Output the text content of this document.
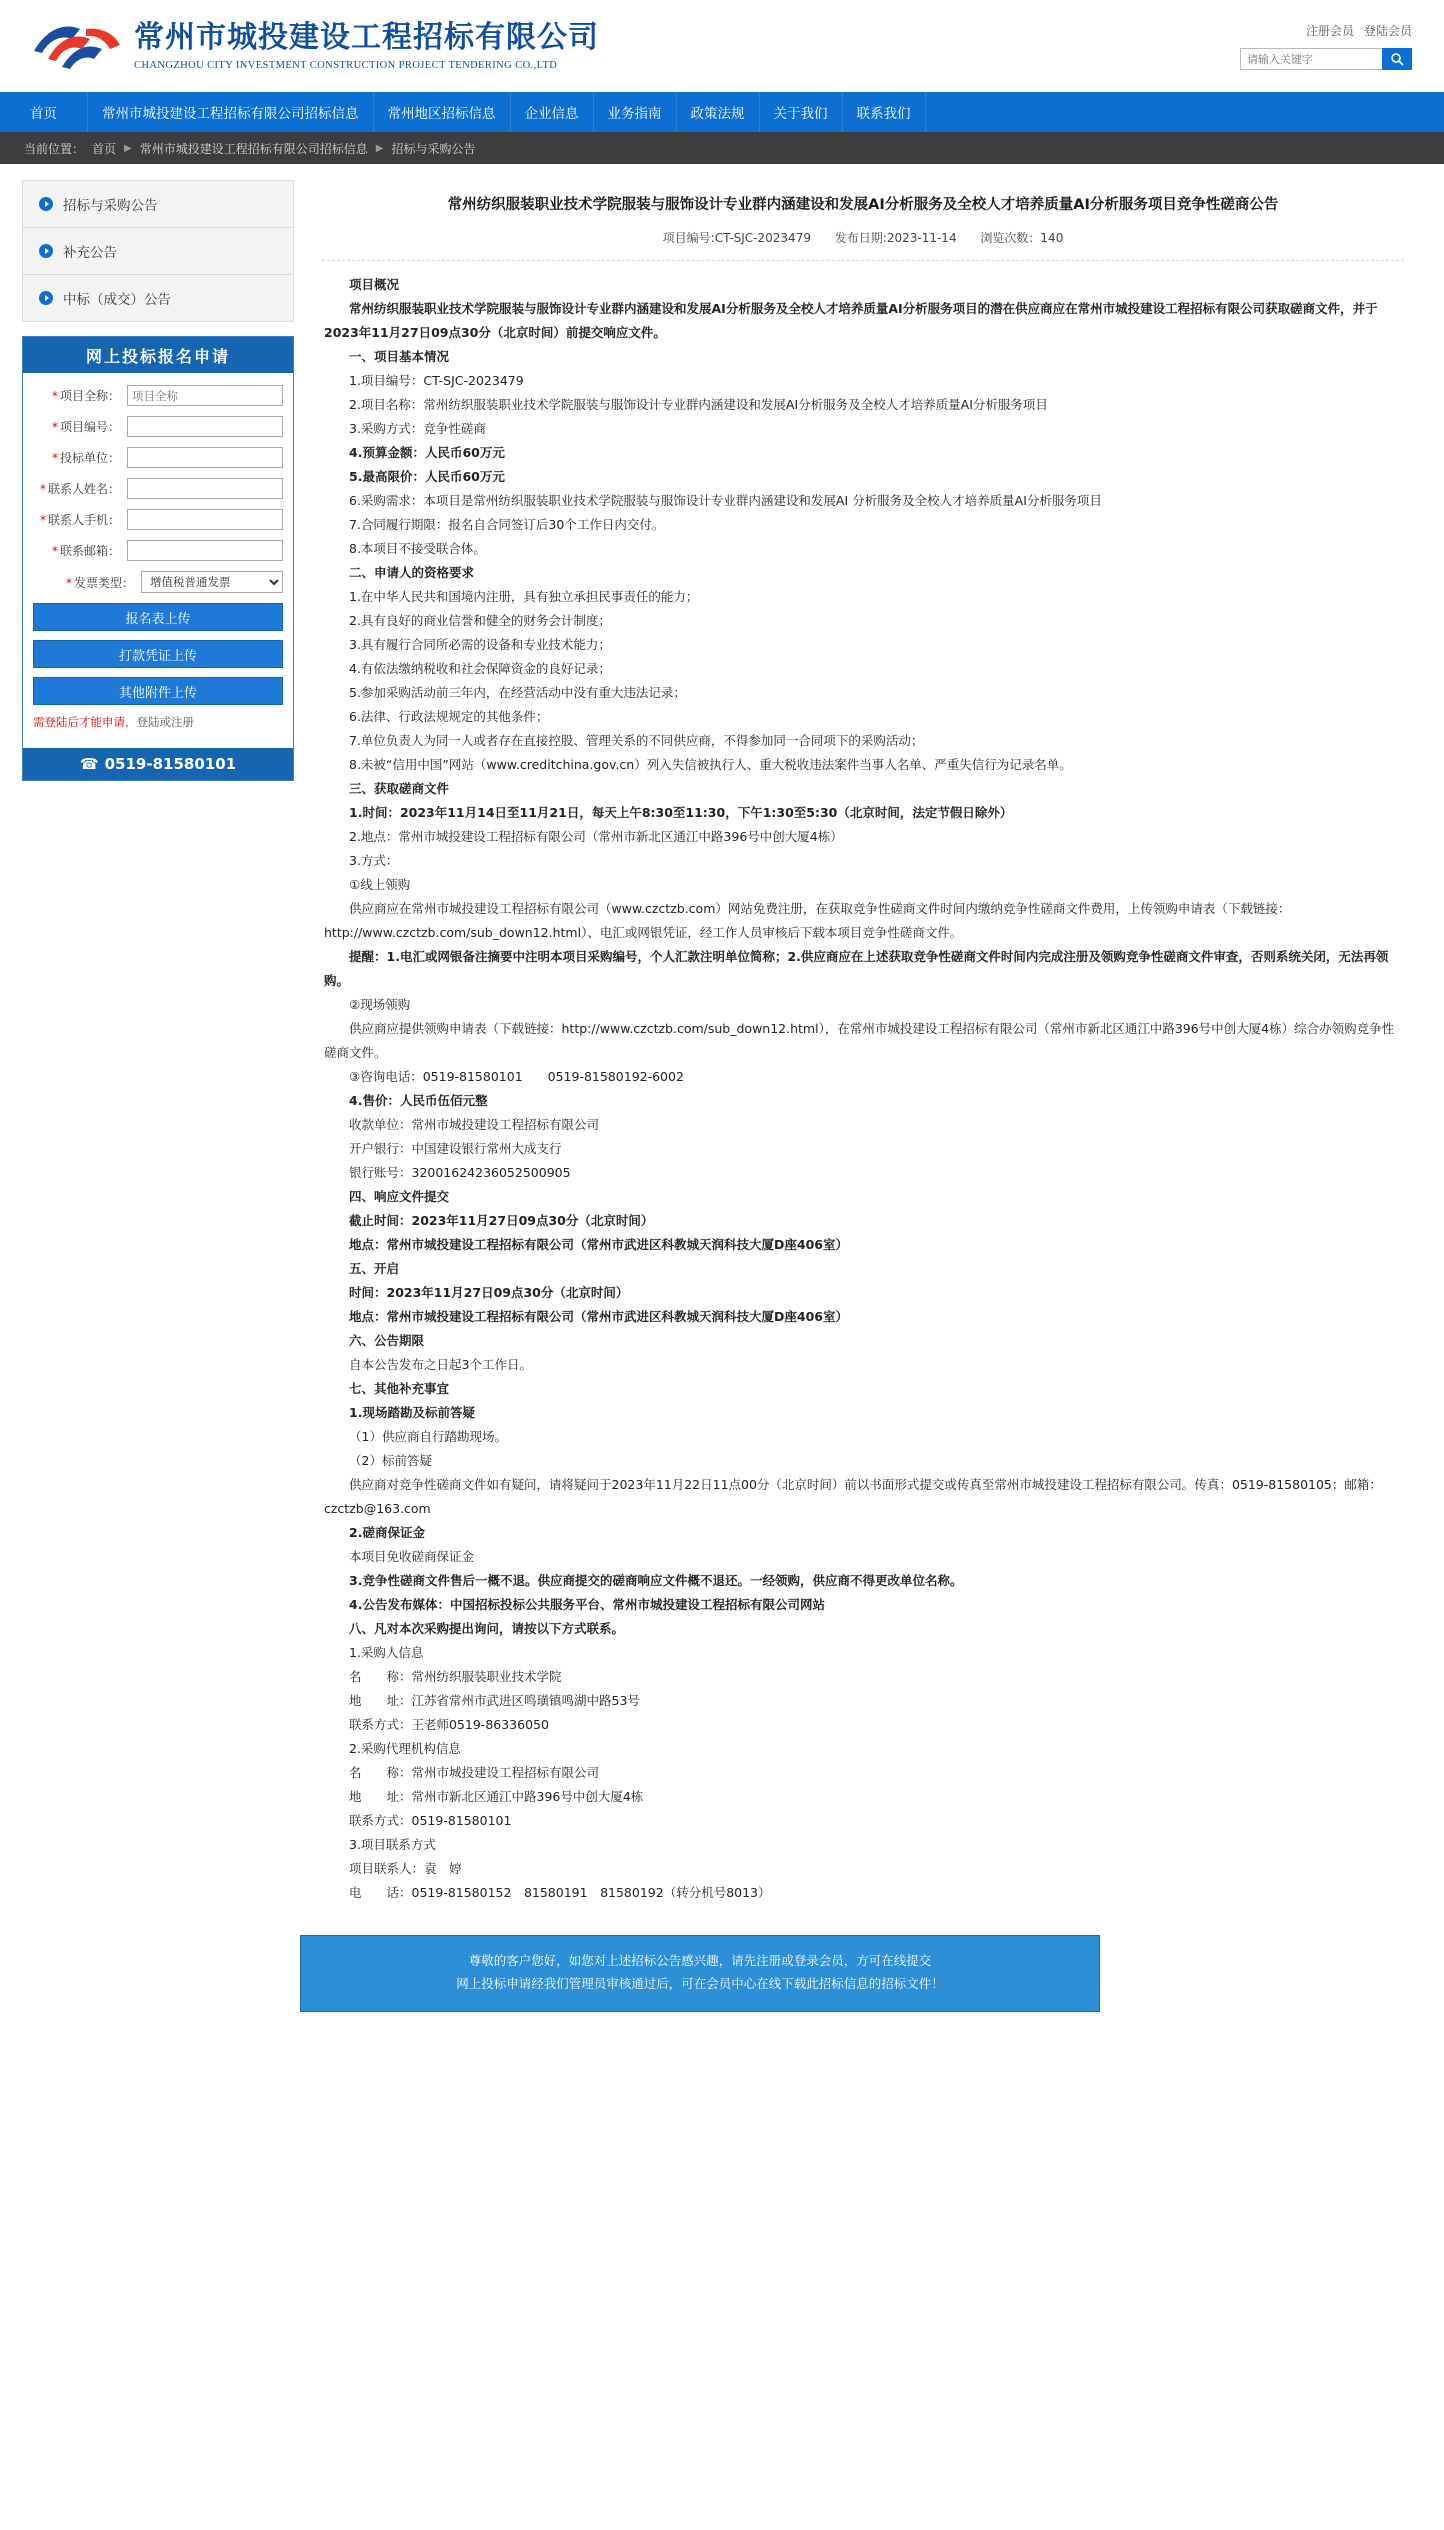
常州市城投建设工程招标有限公司
CHANGZHOU CITY INVESTMENT CONSTRUCTION PROJECT TENDERING CO.,LTD
注册会员 登陆会员
请输入关键字
首页	常州市城投建设工程招标有限公司招标信息	常州地区招标信息	企业信息	业务指南	政策法规	关于我们	联系我们
当前位置： 首页 ▶ 常州市城投建设工程招标有限公司招标信息 ▶ 招标与采购公告
招标与采购公告
补充公告
中标（成交）公告
网上投标报名申请
* 项目全称：
项目全称
* 项目编号：
* 投标单位：
* 联系人姓名：
* 联系人手机：
* 联系邮箱：
* 发票类型：
增值税普通发票
报名表上传
打款凭证上传
其他附件上传
需登陆后才能申请，登陆或注册
☎ 0519-81580101
常州纺织服装职业技术学院服装与服饰设计专业群内涵建设和发展AI分析服务及全校人才培养质量AI分析服务项目竞争性磋商公告
项目编号:CT-SJC-2023479 发布日期:2023-11-14 浏览次数：140

项目概况

常州纺织服装职业技术学院服装与服饰设计专业群内涵建设和发展AI分析服务及全校人才培养质量AI分析服务项目的潜在供应商应在常州市城投建设工程招标有限公司获取磋商文件，并于2023年11月27日09点30分（北京时间）前提交响应文件。

一、项目基本情况

1.项目编号：CT-SJC-2023479

2.项目名称：常州纺织服装职业技术学院服装与服饰设计专业群内涵建设和发展AI分析服务及全校人才培养质量AI分析服务项目

3.采购方式：竞争性磋商

4.预算金额：人民币60万元

5.最高限价：人民币60万元

6.采购需求：本项目是常州纺织服装职业技术学院服装与服饰设计专业群内涵建设和发展AI 分析服务及全校人才培养质量AI分析服务项目

7.合同履行期限：报名自合同签订后30个工作日内交付。

8.本项目不接受联合体。

二、申请人的资格要求

1.在中华人民共和国境内注册，具有独立承担民事责任的能力；

2.具有良好的商业信誉和健全的财务会计制度；

3.具有履行合同所必需的设备和专业技术能力；

4.有依法缴纳税收和社会保障资金的良好记录；

5.参加采购活动前三年内，在经营活动中没有重大违法记录；

6.法律、行政法规规定的其他条件；

7.单位负责人为同一人或者存在直接控股、管理关系的不同供应商，不得参加同一合同项下的采购活动；

8.未被“信用中国”网站（www.creditchina.gov.cn）列入失信被执行人、重大税收违法案件当事人名单、严重失信行为记录名单。

三、获取磋商文件

1.时间：2023年11月14日至11月21日，每天上午8:30至11:30，下午1:30至5:30（北京时间，法定节假日除外）

2.地点：常州市城投建设工程招标有限公司（常州市新北区通江中路396号中创大厦4栋）

3.方式：

①线上领购

供应商应在常州市城投建设工程招标有限公司（www.czctzb.com）网站免费注册，在获取竞争性磋商文件时间内缴纳竞争性磋商文件费用，上传领购申请表（下载链接：http://www.czctzb.com/sub_down12.html）、电汇或网银凭证，经工作人员审核后下载本项目竞争性磋商文件。

提醒：1.电汇或网银备注摘要中注明本项目采购编号，个人汇款注明单位简称；2.供应商应在上述获取竞争性磋商文件时间内完成注册及领购竞争性磋商文件审查，否则系统关闭，无法再领购。

②现场领购

供应商应提供领购申请表（下载链接：http://www.czctzb.com/sub_down12.html），在常州市城投建设工程招标有限公司（常州市新北区通江中路396号中创大厦4栋）综合办领购竞争性磋商文件。

③咨询电话：0519-81580101　　0519-81580192-6002

4.售价：人民币伍佰元整

收款单位：常州市城投建设工程招标有限公司

开户银行：中国建设银行常州大成支行

银行账号：32001624236052500905

四、响应文件提交

截止时间：2023年11月27日09点30分（北京时间）

地点：常州市城投建设工程招标有限公司（常州市武进区科教城天润科技大厦D座406室）

五、开启

时间：2023年11月27日09点30分（北京时间）

地点：常州市城投建设工程招标有限公司（常州市武进区科教城天润科技大厦D座406室）

六、公告期限

自本公告发布之日起3个工作日。

七、其他补充事宜

1.现场踏勘及标前答疑

（1）供应商自行踏勘现场。

（2）标前答疑

供应商对竞争性磋商文件如有疑问，请将疑问于2023年11月22日11点00分（北京时间）前以书面形式提交或传真至常州市城投建设工程招标有限公司。传真：0519-81580105；邮箱：czctzb@163.com

2.磋商保证金

本项目免收磋商保证金

3.竞争性磋商文件售后一概不退。供应商提交的磋商响应文件概不退还。一经领购，供应商不得更改单位名称。

4.公告发布媒体：中国招标投标公共服务平台、常州市城投建设工程招标有限公司网站

八、凡对本次采购提出询问，请按以下方式联系。

1.采购人信息

名　　称：常州纺织服装职业技术学院

地　　址：江苏省常州市武进区鸣璜镇鸣湖中路53号

联系方式：王老师0519-86336050

2.采购代理机构信息

名　　称：常州市城投建设工程招标有限公司

地　　址：常州市新北区通江中路396号中创大厦4栋

联系方式：0519-81580101

3.项目联系方式

项目联系人：袁　婷

电　　话：0519-81580152　81580191　81580192（转分机号8013）

尊敬的客户您好，如您对上述招标公告感兴趣，请先注册或登录会员，方可在线提交
网上投标申请经我们管理员审核通过后，可在会员中心在线下载此招标信息的招标文件！
